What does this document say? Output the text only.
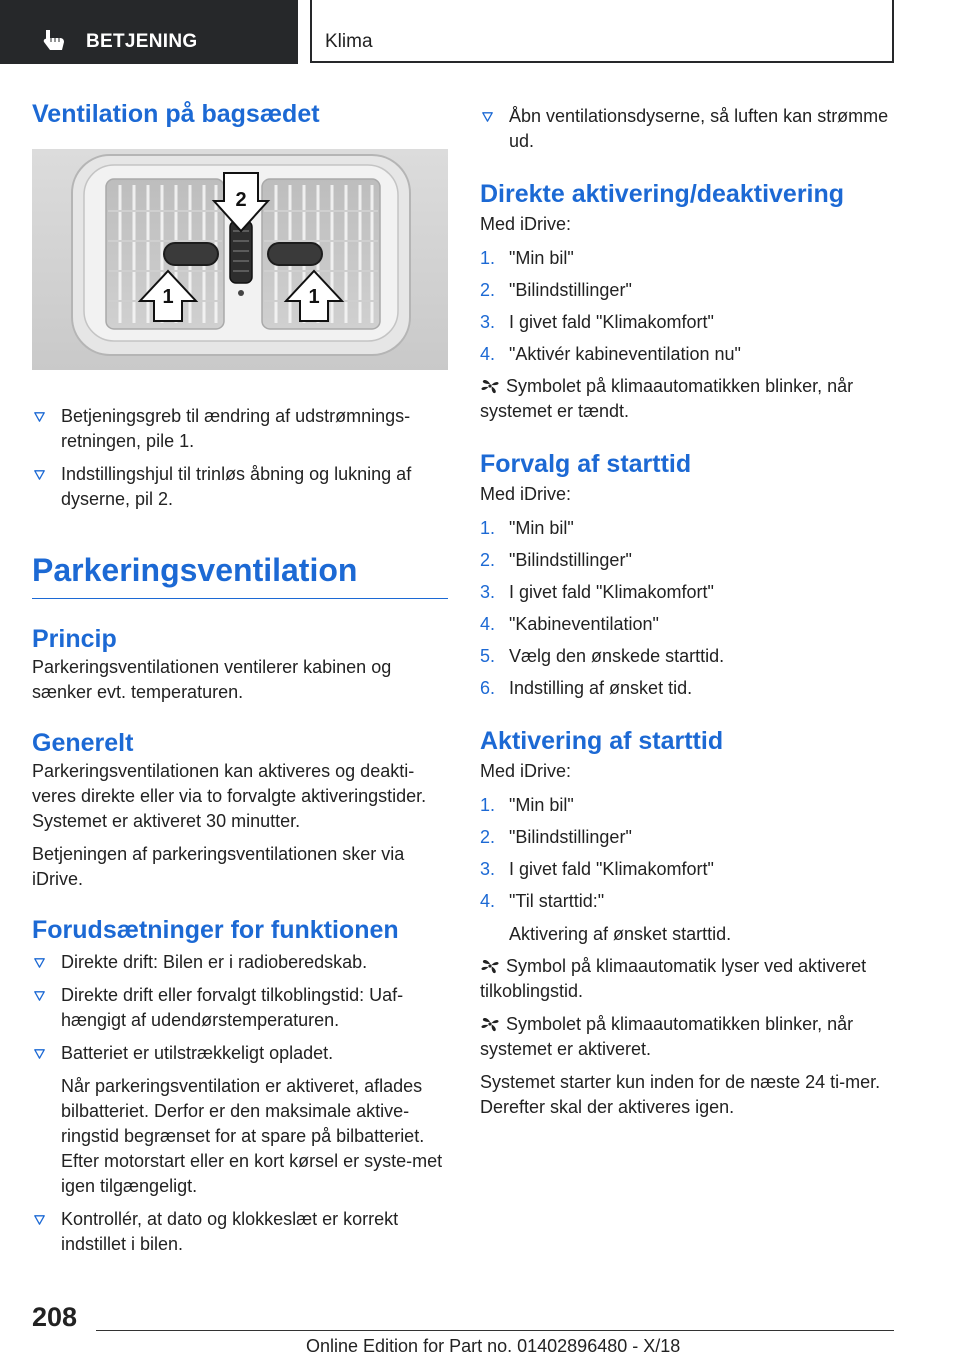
BETJENING	Klima
2
1	1
Ventilation på bagsædet
Betjeningsgreb til ændring af udstrømnings-retningen, pile 1.
Indstillingshjul til trinløs åbning og lukning af dyserne, pil 2.
Parkeringsventilation
Princip

Parkeringsventilationen ventilerer kabinen og sænker evt. temperaturen.

Generelt

Parkeringsventilationen kan aktiveres og deakti-veres direkte eller via to forvalgte aktiveringstider. Systemet er aktiveret 30 minutter.

Betjeningen af parkeringsventilationen sker via iDrive.

Forudsætninger for funktionen
Direkte drift: Bilen er i radioberedskab.
Direkte drift eller forvalgt tilkoblingstid: Uaf-hængigt af udendørstemperaturen.
Batteriet er utilstrækkeligt opladet.
Når parkeringsventilation er aktiveret, aflades bilbatteriet. Derfor er den maksimale aktive-ringstid begrænset for at spare på bilbatteriet. Efter motorstart eller en kort kørsel er syste-met igen tilgængeligt.
Kontrollér, at dato og klokkeslæt er korrekt indstillet i bilen.
Åbn ventilationsdyserne, så luften kan strømme ud.
Direkte aktivering/deaktivering

Med iDrive:

1. "Min bil"
2. "Bilindstillinger"
3. I givet fald "Klimakomfort"
4. "Aktivér kabineventilation nu"

Symbolet på klimaautomatikken blinker, når systemet er tændt.

Forvalg af starttid

Med iDrive:

1. "Min bil"
2. "Bilindstillinger"
3. I givet fald "Klimakomfort"
4. "Kabineventilation"
5. Vælg den ønskede starttid.
6. Indstilling af ønsket tid.
Aktivering af starttid

Med iDrive:

1. "Min bil"
2. "Bilindstillinger"
3. I givet fald "Klimakomfort"
4. "Til starttid:"
Aktivering af ønsket starttid.

Symbol på klimaautomatik lyser ved aktiveret tilkoblingstid.

Symbolet på klimaautomatikken blinker, når systemet er aktiveret.

Systemet starter kun inden for de næste 24 ti-mer. Derefter skal der aktiveres igen.

208
Online Edition for Part no. 01402896480 - X/18
